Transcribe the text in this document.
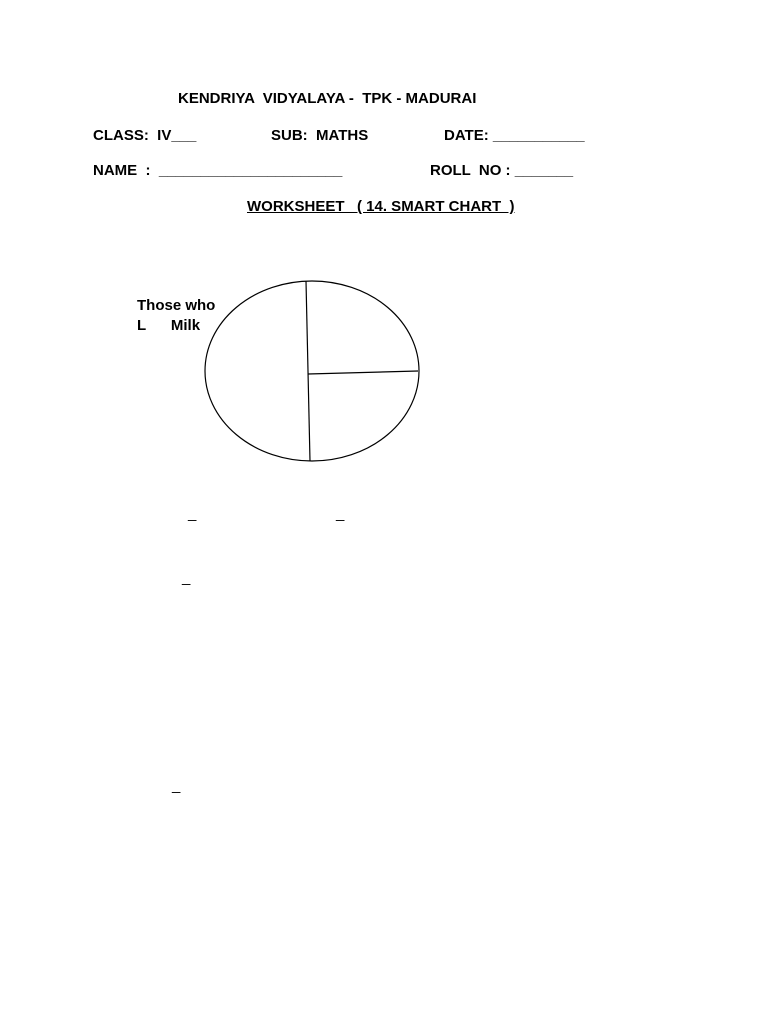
KENDRIYA  VIDYALAYA -  TPK - MADURAI
CLASS:  IV___	SUB:  MATHS	DATE: ___________
NAME  :  ______________________	ROLL  NO : _______
WORKSHEET   ( 14. SMART CHART  )
Those who
L      Milk
_	_
_
_
